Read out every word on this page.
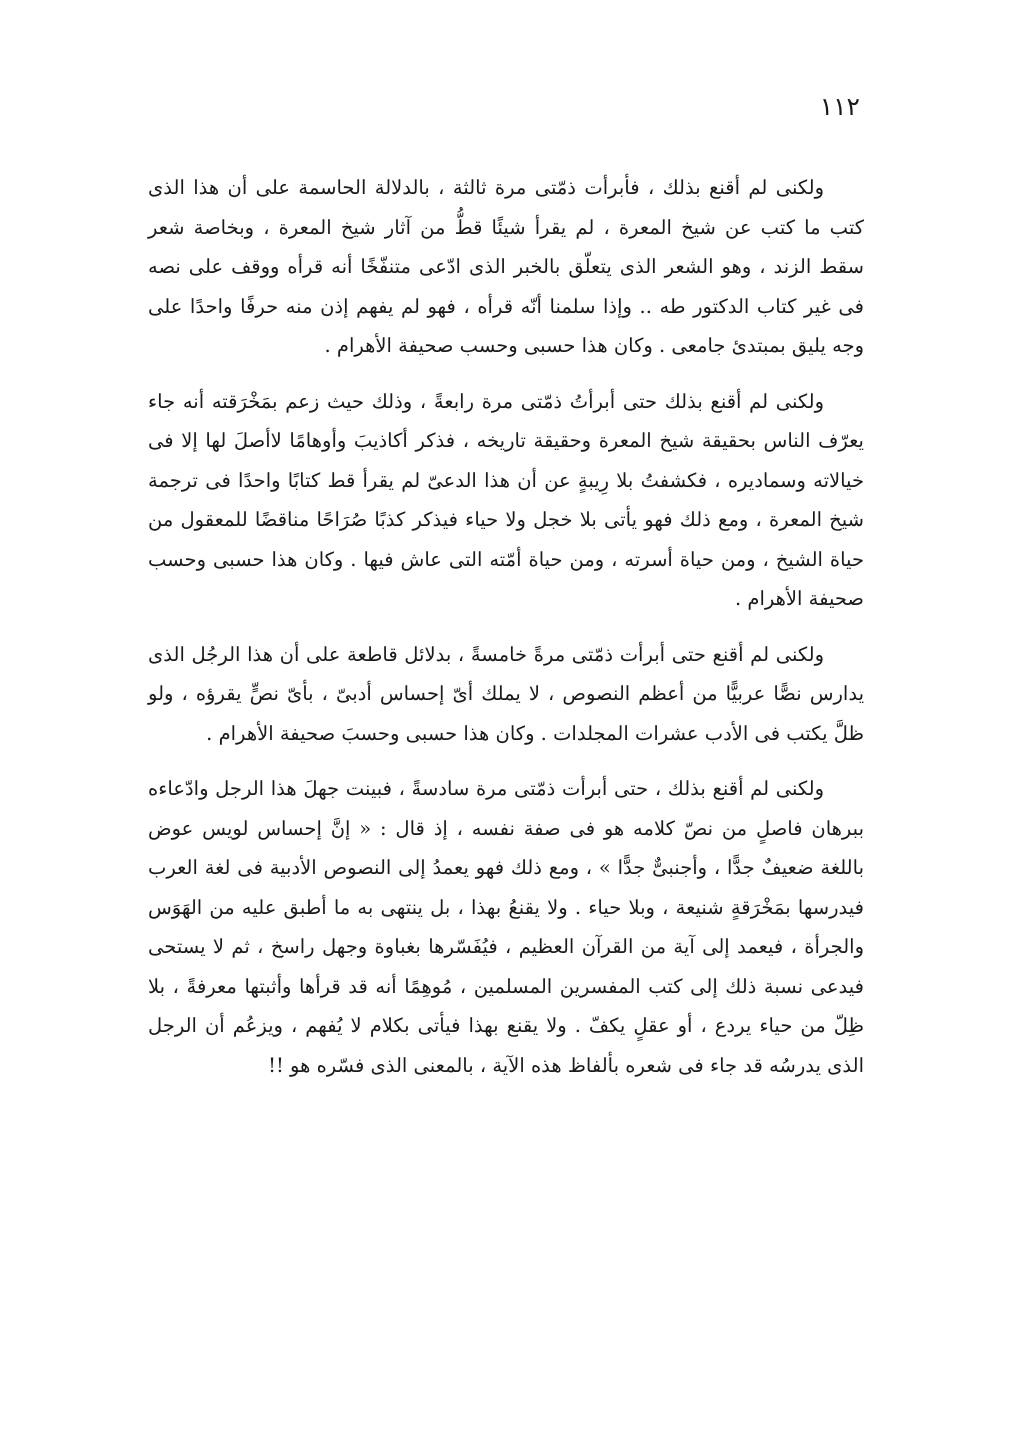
١١٢

ولكنى لم أقنع بذلك ، فأبرأت ذمّتى مرة ثالثة ، بالدلالة الحاسمة على أن هذا الذى كتب ما كتب عن شيخ المعرة ، لم يقرأ شيئًا قطُّ من آثار شيخ المعرة ، وبخاصة شعر سقط الزند ، وهو الشعر الذى يتعلّق بالخبر الذى ادّعى متنفّخًا أنه قرأه ووقف على نصه فى غير كتاب الدكتور طه .. وإذا سلمنا أنّه قرأه ، فهو لم يفهم إذن منه حرفًا واحدًا على وجه يليق بمبتدئ جامعى . وكان هذا حسبى وحسب صحيفة الأهرام .

ولكنى لم أقنع بذلك حتى أبرأتُ ذمّتى مرة رابعةً ، وذلك حيث زعم بمَخْرَقته أنه جاء يعرّف الناس بحقيقة شيخ المعرة وحقيقة تاريخه ، فذكر أكاذيبَ وأوهامًا لاأصلَ لها إلا فى خيالاته وسماديره ، فكشفتُ بلا رِيبةٍ عن أن هذا الدعىّ لم يقرأ قط كتابًا واحدًا فى ترجمة شيخ المعرة ، ومع ذلك فهو يأتى بلا خجل ولا حياء فيذكر كذبًا صُرَاحًا مناقضًا للمعقول من حياة الشيخ ، ومن حياة أسرته ، ومن حياة أمّته التى عاش فيها . وكان هذا حسبى وحسب صحيفة الأهرام .

ولكنى لم أقنع حتى أبرأت ذمّتى مرةً خامسةً ، بدلائل قاطعة على أن هذا الرجُل الذى يدارس نصًّا عربيًّا من أعظم النصوص ، لا يملك أىّ إحساس أدبىّ ، بأىّ نصٍّ يقرؤه ، ولو ظلَّ يكتب فى الأدب عشرات المجلدات . وكان هذا حسبى وحسبَ صحيفة الأهرام .

ولكنى لم أقنع بذلك ، حتى أبرأت ذمّتى مرة سادسةً ، فبينت جهلَ هذا الرجل وادّعاءه ببرهان فاصلٍ من نصّ كلامه هو فى صفة نفسه ، إذ قال : « إنَّ إحساس لويس عوض باللغة ضعيفٌ جدًّا ، وأجنبىٌّ جدًّا » ، ومع ذلك فهو يعمدُ إلى النصوص الأدبية فى لغة العرب فيدرسها بمَخْرَقةٍ شنيعة ، وبلا حياء . ولا يقنعُ بهذا ، بل ينتهى به ما أطبق عليه من الهَوَس والجرأة ، فيعمد إلى آية من القرآن العظيم ، فيُفَسّرها بغباوة وجهل راسخ ، ثم لا يستحى فيدعى نسبة ذلك إلى كتب المفسرين المسلمين ، مُوهِمًا أنه قد قرأها وأثبتها معرفةً ، بلا ظِلّ من حياء يردع ، أو عقلٍ يكفّ . ولا يقنع بهذا فيأتى بكلام لا يُفهم ، ويزعُم أن الرجل الذى يدرسُه قد جاء فى شعره بألفاظ هذه الآية ، بالمعنى الذى فسّره هو !!
